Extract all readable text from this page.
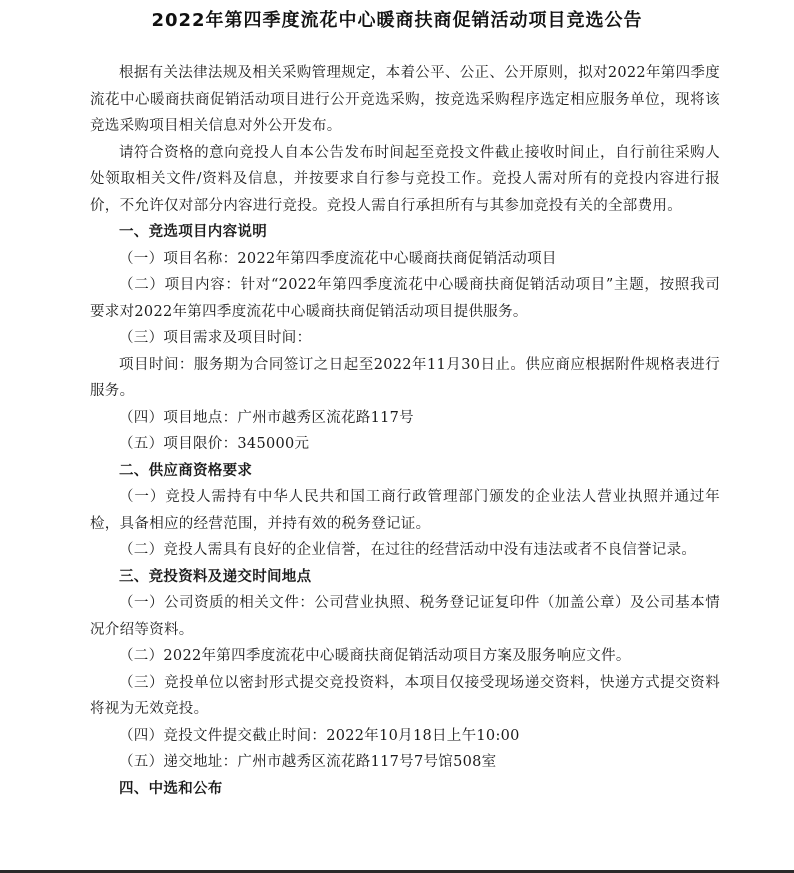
2022年第四季度流花中心暖商扶商促销活动项目竞选公告

根据有关法律法规及相关采购管理规定，本着公平、公正、公开原则，拟对2022年第四季度流花中心暖商扶商促销活动项目进行公开竞选采购，按竞选采购程序选定相应服务单位，现将该竞选采购项目相关信息对外公开发布。

请符合资格的意向竞投人自本公告发布时间起至竞投文件截止接收时间止，自行前往采购人处领取相关文件/资料及信息，并按要求自行参与竞投工作。竞投人需对所有的竞投内容进行报价，不允许仅对部分内容进行竞投。竞投人需自行承担所有与其参加竞投有关的全部费用。

一、竞选项目内容说明

（一）项目名称：2022年第四季度流花中心暖商扶商促销活动项目

（二）项目内容：针对“2022年第四季度流花中心暖商扶商促销活动项目”主题，按照我司要求对2022年第四季度流花中心暖商扶商促销活动项目提供服务。

（三）项目需求及项目时间：

项目时间：服务期为合同签订之日起至2022年11月30日止。供应商应根据附件规格表进行服务。

（四）项目地点：广州市越秀区流花路117号

（五）项目限价：345000元

二、供应商资格要求

（一）竞投人需持有中华人民共和国工商行政管理部门颁发的企业法人营业执照并通过年检，具备相应的经营范围，并持有效的税务登记证。

（二）竞投人需具有良好的企业信誉，在过往的经营活动中没有违法或者不良信誉记录。

三、竞投资料及递交时间地点

（一）公司资质的相关文件：公司营业执照、税务登记证复印件（加盖公章）及公司基本情况介绍等资料。

（二）2022年第四季度流花中心暖商扶商促销活动项目方案及服务响应文件。

（三）竞投单位以密封形式提交竞投资料，本项目仅接受现场递交资料，快递方式提交资料将视为无效竞投。

（四）竞投文件提交截止时间：2022年10月18日上午10:00

（五）递交地址：广州市越秀区流花路117号7号馆508室

四、中选和公布
